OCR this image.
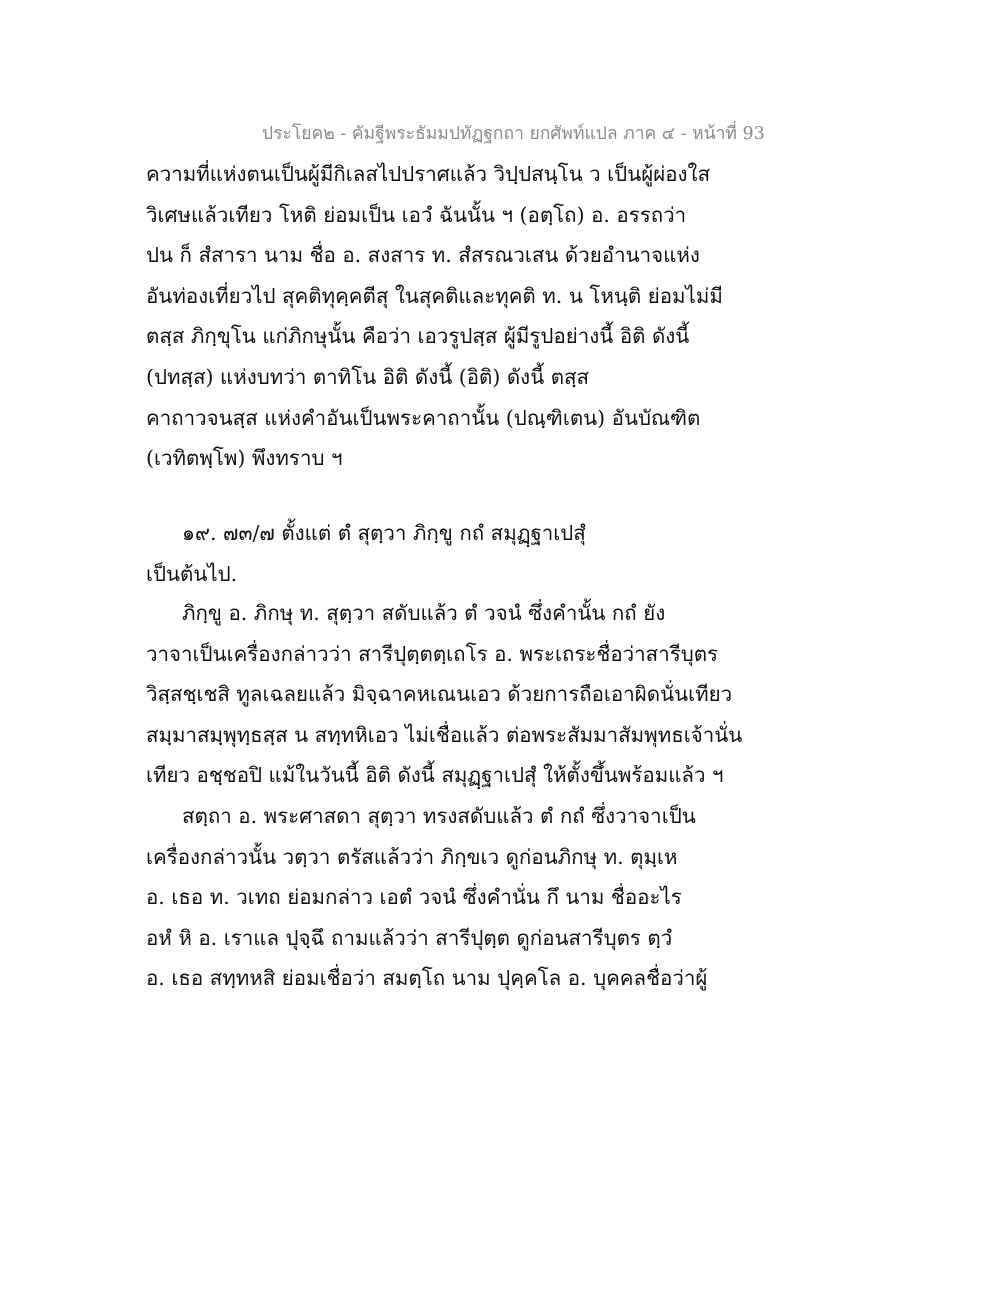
ประโยค๒ - คัมฐีพระธัมมปทัฏฐกถา ยกศัพท์แปล ภาค ๔ - หน้าที่ 93
ความที่แห่งตนเป็นผู้มีกิเลสไปปราศแล้ว วิปฺปสนฺโน ว เป็นผู้ผ่องใส
วิเศษแล้วเทียว โหติ ย่อมเป็น เอวํ ฉันนั้น ฯ (อตฺโถ) อ. อรรถว่า
ปน ก็ สํสารา นาม ชื่อ อ. สงสาร ท. สํสรณวเสน ด้วยอำนาจแห่ง
อันท่องเที่ยวไป สุคติทุคฺคตีสุ ในสุคติและทุคติ ท. น โหนฺติ ย่อมไม่มี
ตสฺส ภิกฺขุโน แก่ภิกษุนั้น คือว่า เอวรูปสฺส ผู้มีรูปอย่างนี้ อิติ ดังนี้
(ปทสฺส) แห่งบทว่า ตาทิโน อิติ ดังนี้ (อิติ) ดังนี้ ตสฺส
คาถาวจนสฺส แห่งคำอันเป็นพระคาถานั้น (ปณฺฑิเตน) อันบัณฑิต
(เวทิตพฺโพ) พึงทราบ ฯ
๑๙. ๗๓/๗ ตั้งแต่ ตํ สุตฺวา ภิกฺขู กถํ สมุฏฺฐาเปสุํ
เป็นต้นไป.
ภิกฺขู อ. ภิกษุ ท. สุตฺวา สดับแล้ว ตํ วจนํ ซึ่งคำนั้น กถํ ยัง
วาจาเป็นเครื่องกล่าวว่า สารีปุตฺตตฺเถโร อ. พระเถระชื่อว่าสารีบุตร
วิสฺสชฺเชสิ ทูลเฉลยแล้ว มิจฺฉาคหเณนเอว ด้วยการถือเอาผิดนั่นเทียว
สมฺมาสมฺพุทฺธสฺส น สทฺทหิเอว ไม่เชื่อแล้ว ต่อพระสัมมาสัมพุทธเจ้านั่น
เทียว อชฺชอปิ แม้ในวันนี้ อิติ ดังนี้ สมุฏฺฐาเปสุํ ให้ตั้งขึ้นพร้อมแล้ว ฯ
สตฺถา อ. พระศาสดา สุตฺวา ทรงสดับแล้ว ตํ กถํ ซึ่งวาจาเป็น
เครื่องกล่าวนั้น วตฺวา ตรัสแล้วว่า ภิกฺขเว ดูก่อนภิกษุ ท. ตุมฺเห
อ. เธอ ท. วเทถ ย่อมกล่าว เอตํ วจนํ ซึ่งคำนั่น กึ นาม ชื่ออะไร
อหํ หิ อ. เราแล ปุจฺฉึ ถามแล้วว่า สารีปุตฺต ดูก่อนสารีบุตร ตฺวํ
อ. เธอ สทฺทหสิ ย่อมเชื่อว่า สมตฺโถ นาม ปุคฺคโล อ. บุคคลชื่อว่าผู้
